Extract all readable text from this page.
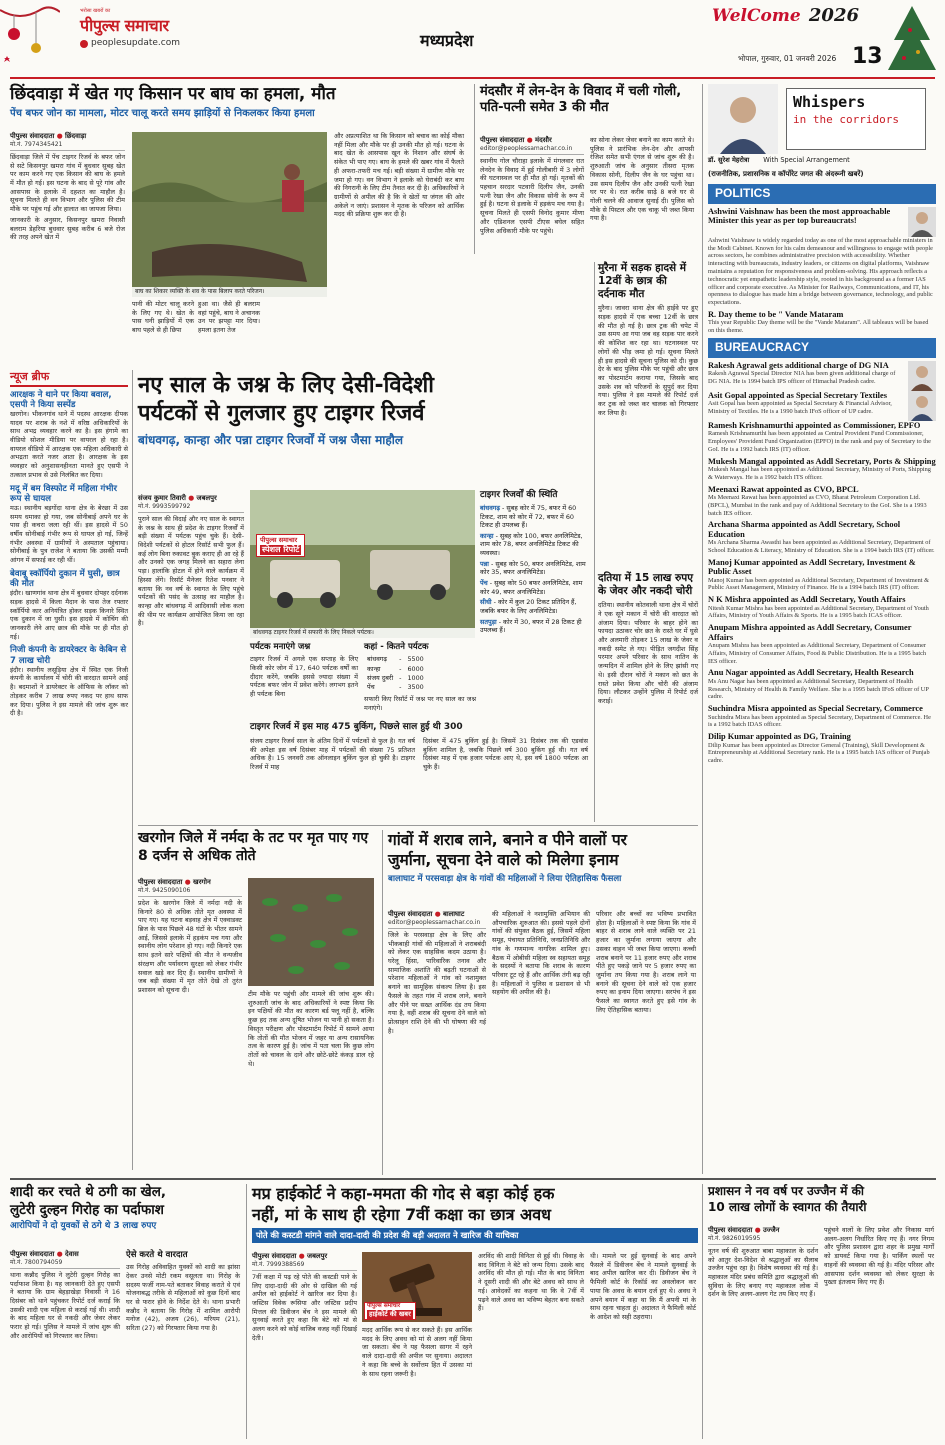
भरोसा खबरों का
पीपुल्स समाचार
peoplesupdate.com	मध्यप्रदेश
WelCome 2026
भोपाल, गुरुवार, 01 जनवरी 2026 13
छिंदवाड़ा में खेत गए किसान पर बाघ का हमला, मौत
पेंच बफर जोन का मामला, मोटर चालू करते समय झाड़ियों से निकलकर किया हमला
पीपुल्स संवाददाता ● छिंदवाड़ा
मो.नं. 7974345421

छिंदवाड़ा जिले में पेंच टाइगर रिजर्व के बफर जोन से सटे किसनपुर खमरा गांव में बुधवार सुबह खेत पर काम करने गए एक किसान की बाघ के हमले में मौत हो गई। इस घटना के बाद से पूरे गांव और आसपास के इलाके में दहशत का माहौल है। सूचना मिलते ही वन विभाग और पुलिस की टीम मौके पर पहुंच गई और हालात का जायजा लिया।

जानकारी के अनुसार, किसनपुर खमरा निवासी बलराम डेहरिया बुधवार सुबह करीब 6 बजे रोज की तरह अपने खेत में

बाघ का शिकार व्यक्ति के शव के पास बिलाप करते परिजन।

पानी की मोटर चालू करने के लिए गए थे। खेत के पास घनी झाड़ियों में एक बाघ पहले से ही छिपा

हुआ था। जैसे ही बलराम वहां पहुंचे, बाघ ने अचानक उन पर झपट्टा मार दिया। हमला इतना तेज

और अप्रत्याशित था कि किसान को बचाव का कोई मौका नहीं मिला और मौके पर ही उनकी मौत हो गई। घटना के बाद खेत के आसपास खून के निशान और संघर्ष के संकेत भी पाए गए। बाघ के हमले की खबर गांव में फैलते ही अफरा-तफरी मच गई। बड़ी संख्या में ग्रामीण मौके पर जमा हो गए। वन विभाग ने इलाके को घेराबंदी कर बाघ की निगरानी के लिए टीम तैनात कर दी है। अधिकारियों ने ग्रामीणों से अपील की है कि वे खेतों या जंगल की ओर अकेले न जाएं। प्रशासन ने मृतक के परिजन को आर्थिक मदद की प्रक्रिया शुरू कर दी है।

मंदसौर में लेन-देन के विवाद में चली गोली, पति-पत्नी समेत 3 की मौत
पीपुल्स संवाददाता ● मंदसौर
editor@peoplessamachar.co.in

स्थानीय गोल चौराहा इलाके में मंगलवार रात लेनदेन के विवाद में हुई गोलीबारी में 3 लोगों की घटनास्थल पर ही मौत हो गई। मृतकों की पहचान सरदार पटवारी दिलीप जैन, उनकी पत्नी रेखा जैन और विकास सोनी के रूप में हुई है। घटना से इलाके में हड़कंप मच गया है। सूचना मिलते ही एसपी विनोद कुमार मीणा और एडिशनल एसपी टीएस बघेल सहित पुलिस अधिकारी मौके पर पहुंचे।

का सोना लेकर जेवर बनाने का काम करते थे। पुलिस ने प्रारंभिक लेन-देन और आपसी रंजिश समेत सभी एंगल से जांच शुरू की है। शुरुआती जांच के अनुसार तीसरा मृतक विकास सोनी, दिलीप जैन के घर पहुंचा था। उस समय दिलीप जैन और उनकी पत्नी रेखा घर पर थे। रात करीब साढ़े 8 बजे घर से गोली चलने की आवाज सुनाई दी। पुलिस को मौके से पिस्टल और एक चाकू भी जब्त किया गया है।

न्यूज ब्रीफ
आरक्षक ने थाने पर किया बवाल, एसपी ने किया सस्पेंड

खरगोन। भीकनगांव थाने में पदस्थ आरक्षक दीपक यादव पर शराब के नशे में वरिष्ठ अधिकारियों के साथ अभद्र व्यवहार करने का है। इस हंगामे का वीडियो सोशल मीडिया पर वायरल हो रहा है। वायरल वीडियो में आरक्षक एक महिला अधिकारी से अभद्रता करते नजर आता है। आरक्षक के इस व्यवहार को अनुशासनहीनता मानते हुए एसपी ने तत्काल प्रभाव से उसे निलंबित कर दिया।

मदू में बम विस्फोट में महिला गंभीर रूप से घायल

मऊ। स्थानीय बड़गोंदा थाना क्षेत्र के बेरछा में उस समय धमाका हो गया, जब सोनीबाई अपने घर के पास ही कचरा जला रही थीं। इस हादसे में 50 वर्षीय सोनीबाई गंभीर रूप से घायल हो गई, जिन्हें गंभीर अवस्था में ग्रामीणों ने अस्पताल पहुंचाया। सोनीबाई के पुत्र राजेश ने बताया कि उसकी मम्मी आंगन में सफाई कर रही थीं।

बेवाबू स्कॉर्पियो दुकान में घुसी, छात्र की मौत

इंदौर। खाणगांव थाना क्षेत्र में बुधवार दोपहर दर्दनाक सड़क हादसे में किला मैदान के पास तेज रफ्तार स्कॉर्पियो कार अनियंत्रित होकर सड़क किनारे स्थित एक दुकान में जा घुसी। इस हादसे में कोचिंग की जानकारी लेने आए छात्र की मौके पर ही मौत हो गई।

निजी कंपनी के डायरेक्टर के केबिन से 7 लाख चोरी

इंदौर। स्थानीय लसूड़िया क्षेत्र में स्थित एक निजी कंपनी के कार्यालय में चोरी की वारदात सामने आई है। बदमाशों ने डायरेक्टर के ऑफिस के लॉकर को तोड़कर करीब 7 लाख रुपए नकद पर हाथ साफ कर दिया। पुलिस ने इस मामले की जांच शुरू कर दी है।

नए साल के जश्न के लिए देसी-विदेशी
पर्यटकों से गुलजार हुए टाइगर रिजर्व
बांधवगढ़, कान्हा और पन्ना टाइगर रिजर्वों में जश्न जैसा माहौल
संजय कुमार तिवारी ● जबलपुर
मो.नं. 9993599792

पुराने साल की विदाई और नए साल के स्वागत के जश्न के साथ ही प्रदेश के टाइगर रिजर्वों में बड़ी संख्या में पर्यटक पहुंच चुके हैं। देसी-विदेशी पर्यटकों से होटल रिसॉर्ट सभी फुल हैं। कई लोग बिना रुकावट बुक कराए ही आ रहे हैं और उनको एक जगह मिलने का सहारा लेना पड़ा। हालांकि होटल में होने वाले कार्यक्रम में हिस्सा लेंगे। रिसॉर्ट मैनेजर रितेश पनवार ने बताया कि नव वर्ष के स्वागत के लिए पहुंचे पर्यटकों की पसंद के उत्साह का माहौल है। कान्हा और बांधवगढ़ में आदिवासी लोक कला की थीम पर कार्यक्रम आयोजित किया जा रहा है।

पीपुल्स समाचार
स्पेशल रिपोर्ट
बांधवगढ़ टाइगर रिजर्व में सफारी के लिए निकले पर्यटक।
टाइगर रिजर्वों की स्थिति
बांधवगढ़ - सुबह कोर में 75, बफर में 60 टिकट, शाम को कोर में 72, बफर में 60 टिकट ही उपलब्ध हैं।
कान्हा - सुबह कोर 100, बफर अनलिमिटेड, शाम कोर 78, बफर अनलिमिटेड टिकट की व्यवस्था।
पन्ना - सुबह कोर 50, बफर अनलिमिटेड, शाम कोर 35, बफर अनलिमिटेड।
पेंच - सुबह कोर 50 बफर अनलिमिटेड, शाम कोर 49, बफर अनलिमिटेड।
सीधी - कोर में कुल 20 टिकट प्रतिदिन हैं, जबकि बफर के लिए अनलिमिटेड।
सतपुड़ा - कोर में 30, बफर में 28 टिकट ही उपलब्ध हैं।
पर्यटक मनाएंगे जश्न

टाइगर रिजर्व में अगले एक सप्ताह के लिए किसी कोर जोन में 17, 640 पर्यटक वर्षों का दीदार करेंगे, जबकि इससे ज्यादा संख्या में पर्यटक बफर जोन में प्रवेश करेंगे। लगभग इतने ही पर्यटक बिना

कहां - कितने पर्यटक
बांधवगढ़	-	5500
कान्हा	-	6000
संजय दुबरी	-	1000
पेंच	-	3500

सफारी किए रिसॉर्ट में जश्न पर नए साल का जश्न मनाएंगे।

टाइगर रिजर्व में इस माह 475 बुकिंग, पिछले साल हुई थी 300

संजय टाइगर रिजर्व साल के अंतिम दिनों में पर्यटकों से फुल है। गत वर्ष की अपेक्षा इस वर्ष दिसंबर माह में पर्यटकों की संख्या 75 प्रतिशत अधिक है। 15 जनवरी तक ऑनलाइन बुकिंग फुल हो चुकी है। टाइगर रिजर्व में माह

दिसंबर में 475 बुकिंग हुई है। जिसमें 31 दिसंबर तक की एडवांस बुकिंग शामिल है, जबकि पिछले वर्ष 300 बुकिंग हुई थी। गत वर्ष दिसंबर माह में एक हजार पर्यटक आए थे, इस वर्ष 1800 पर्यटक आ चुके हैं।

मुरैना में सड़क हादसे में 12वीं के छात्र की दर्दनाक मौत

मुरैना। जावरा थाना क्षेत्र की हाईवे पर हुए सड़क हादसे में एक बच्चा 12वीं के छात्र की मौत हो गई है। छात्र ट्रक की चपेट में उस समय आ गया जब वह सड़क पार करने की कोशिश कर रहा था। घटनास्थल पर लोगों की भीड़ जमा हो गई। सूचना मिलते ही इस हादसे की सूचना पुलिस को दी। कुछ देर के बाद पुलिस मौके पर पहुंची और छात्र का पोस्टमार्टम कराया गया, जिसके बाद उसके शव को परिजनों के सुपुर्द कर दिया गया। पुलिस ने इस मामले की रिपोर्ट दर्ज कर ट्रक को जब्त कर चालक को गिरफ्तार कर लिया है।

दतिया में 15 लाख रुपए के जेवर और नकदी चोरी

दतिया। स्थानीय कोतवाली थाना क्षेत्र में चोरों ने एक सूने मकान में चोरी की वारदात को अंजाम दिया। परिवार के बाहर होने का फायदा उठाकर चोर छत के रास्ते घर में घुसे और अलमारी तोड़कर 15 लाख के जेवर व नकदी समेट ले गए। पीड़ित जगदीश सिंह परमार अपने परिवार के साथ नातिन के जन्मदिन में शामिल होने के लिए झांसी गए थे। इसी दौरान चोरों ने मकान को छत के रास्ते प्रवेश किया और चोरी की अंजाम दिया। लौटकर उन्होंने पुलिस में रिपोर्ट दर्ज कराई।

खरगोन जिले में नर्मदा के तट पर मृत पाए गए 8 दर्जन से अधिक तोते
पीपुल्स संवाददाता ● खरगोन
मो.नं. 9425090106

प्रदेश के खरगोन जिले में नर्मदा नदी के किनारे 80 से अधिक तोते मृत अवस्था में पाए गए। यह घटना बड़वाह क्षेत्र में एक्वाडक्ट ब्रिज के पास पिछले 48 घंटों के भीतर सामने आई, जिससे इलाके में हड़कंप मच गया और स्थानीय लोग परेशान हो गए। नदी किनारे एक साथ इतने सारे पक्षियों की मौत ने वन्यजीव संरक्षण और पर्यावरण सुरक्षा को लेकर गंभीर सवाल खड़े कर दिए हैं। स्थानीय ग्रामीणों ने जब बड़ी संख्या में मृत तोते देखे तो तुरंत प्रशासन को सूचना दी।

टीम मौके पर पहुंची और मामले की जांच शुरू की। शुरुआती जांच के बाद अधिकारियों ने स्पष्ट किया कि इन पक्षियों की मौत का कारण बर्ड फ्लू नहीं है, बल्कि कुछ हद तक अन्य दूषित भोजन या पानी हो सकता है। विस्तृत परीक्षण और पोस्टमार्टम रिपोर्ट में सामने आया कि तोतों की मौत भोजन में जहर या अन्य रासायनिक तत्व के कारण हुई है। जांच में पता चला कि कुछ लोग तोतों को चावल के दाने और छोटे-छोटे कंकड़ डाल रहे थे।

गांवों में शराब लाने, बनाने व पीने वालों पर
जुर्माना, सूचना देने वाले को मिलेगा इनाम
बालाघाट में परसवाड़ा क्षेत्र के गांवों की महिलाओं ने लिया ऐतिहासिक फैसला
पीपुल्स संवाददाता ● बालाघाट
editor@peoplessamachar.co.in

जिले के परसवाड़ा क्षेत्र के लिए और भीकबाही गांवों की महिलाओं ने शराबबंदी को लेकर एक साहसिक कदम उठाया है। घरेलू हिंसा, पारिवारिक तनाव और सामाजिक अशांति की बढ़ती घटनाओं से परेशान महिलाओं ने गांव को नशामुक्त बनाने का सामूहिक संकल्प लिया है। इस फैसले के तहत गांव में शराब लाने, बनाने और पीने पर सख्त आर्थिक दंड तय किया गया है, वहीं शराब की सूचना देने वाले को प्रोत्साहन राशि देने की भी घोषणा की गई है।

की महिलाओं ने नशामुक्ति अभियान की औपचारिक शुरुआत की। इससे पहले दोनों गांवों की संयुक्त बैठक हुई, जिसमें महिला समूह, पंचायत प्रतिनिधि, जनप्रतिनिधि और गांव के गणमान्य नागरिक शामिल हुए। बैठक में ओबीसी महिला स्व सहायता समूह के सदस्यों ने बताया कि शराब के कारण परिवार टूट रहे हैं और आर्थिक तंगी बढ़ रही है। महिलाओं ने पुलिस व प्रशासन से भी सहयोग की अपील की है।

परिवार और बच्चों का भविष्य प्रभावित होता है। महिलाओं ने स्पष्ट किया कि गांव में बाहर से शराब लाने वाले व्यक्ति पर 21 हजार का जुर्माना लगाया जाएगा और उसका वाहन भी जब्त किया जाएगा। कच्ची शराब बनाने पर 11 हजार रुपए और शराब पीते हुए पकड़े जाने पर 5 हजार रुपए का जुर्माना तय किया गया है। शराब लाने या बनाने की सूचना देने वाले को एक हजार रुपए का इनाम दिया जाएगा। सरपंच ने इस फैसले का स्वागत करते हुए इसे गांव के लिए ऐतिहासिक बताया।

Whispers
in the corridors
डॉ. सुरेश मेहरोत्रा With Special Arrangement
(राजनीतिक, प्रशासनिक व कॉर्पोरेट जगत की अंदरूनी खबरें)
POLITICS
Ashwini Vaishnaw has been the most approachable Minister this year as per top bureaucrats!

Ashwini Vaishnaw is widely regarded today as one of the most approachable ministers in the Modi Cabinet. Known for his calm demeanour and willingness to engage with people across sectors, he combines administrative precision with accessibility. Whether interacting with bureaucrats, industry leaders, or citizens on digital platforms, Vaishnaw maintains a reputation for responsiveness and problem-solving. His approach reflects a technocratic yet empathetic leadership style, rooted in his background as a former IAS officer and corporate executive. As Minister for Railways, Communications, and IT, his openness to dialogue has made him a bridge between governance, technology, and public expectations.

R. Day theme to be " Vande Mataram

This year Republic Day theme will be the "Vande Mataram". All tableaux will be based on this theme.

BUREAUCRACY
Rakesh Agrawal gets additional charge of DG NIA

Rakesh Agrawal Special Director NIA has been given additional charge of DG NIA. He is 1994 batch IPS officer of Himachal Pradesh cadre.

Asit Gopal appointed as Special Secretary Textiles

Asit Gopal has been appointed as Special Secretary & Financial Advisor, Ministry of Textiles. He is a 1990 batch IFoS officer of UP cadre.

Ramesh Krishnamurthi appointed as Commissioner, EPFO

Ramesh Krishnamurthi has been appointed as Central Provident Fund Commissioner, Employees' Provident Fund Organization (EPFO) in the rank and pay of Secretary to the GoI. He is a 1992 batch IRS (IT) officer.

Mukesh Mangal appointed as Addl Secretary, Ports & Shipping

Mukesh Mangal has been appointed as Additional Secretary, Ministry of Ports, Shipping & Waterways. He is a 1992 batch ITS officer.

Meenaxi Rawat appointed as CVO, BPCL

Ms Meenaxi Rawat has been appointed as CVO, Bharat Petroleum Corporation Ltd. (BPCL), Mumbai in the rank and pay of Additional Secretary to the GoI. She is a 1993 batch IES officer.

Archana Sharma appointed as Addl Secretary, School Education

Ms Archana Sharma Awasthi has been appointed as Additional Secretary, Department of School Education & Literacy, Ministry of Education. She is a 1994 batch IRS (IT) officer.

Manoj Kumar appointed as Addl Secretary, Investment & Public Asset

Manoj Kumar has been appointed as Additional Secretary, Department of Investment & Public Asset Management, Ministry of Finance. He is a 1994 batch IRS (IT) officer.

N K Mishra appointed as Addl Secretary, Youth Affairs

Nitesh Kumar Mishra has been appointed as Additional Secretary, Department of Youth Affairs, Ministry of Youth Affairs & Sports. He is a 1995 batch ICAS officer.

Anupam Mishra appointed as Addl Secretary, Consumer Affairs

Anupam Mishra has been appointed as Additional Secretary, Department of Consumer Affairs, Ministry of Consumer Affairs, Food & Public Distribution. He is a 1995 batch IES officer.

Anu Nagar appointed as Addl Secretary, Health Research

Ms Anu Nagar has been appointed as Additional Secretary, Department of Health Research, Ministry of Health & Family Welfare. She is a 1995 batch IFoS officer of UP cadre.

Suchindra Misra appointed as Special Secretary, Commerce

Suchindra Misra has been appointed as Special Secretary, Department of Commerce. He is a 1992 batch IDAS officer.

Dilip Kumar appointed as DG, Training

Dilip Kumar has been appointed as Director General (Training), Skill Development & Entrepreneurship at Additional Secretary rank. He is a 1995 batch IAS officer of Punjab cadre.

शादी कर रचते थे ठगी का खेल,
लुटेरी दुल्हन गिरोह का पर्दाफाश
आरोपियों ने दो युवकों से ठगे थे 3 लाख रुपए
पीपुल्स संवाददाता ● देवास
मो.नं. 7800794059

थाना कन्नौद पुलिस ने लुटेरी दुल्हन गिरोह का पर्दाफाश किया है। यह जानकारी देते हुए एसपी ने बताया कि ग्राम बेहड़ाखेड़ा निवासी ने 16 दिसंबर को थाने पहुंचकर रिपोर्ट दर्ज कराई कि उसकी शादी एक महिला से कराई गई थी। शादी के बाद महिला घर से नकदी और जेवर लेकर फरार हो गई। पुलिस ने मामले में जांच शुरू की और आरोपियों को गिरफ्तार कर लिया।

ऐसे करते थे वारदात

उस गिरोह अविवाहित युवकों को शादी का झांसा देकर उनसे मोटी रकम वसूलता था। गिरोह के सदस्य फर्जी नाम-पते बताकर विवाह कराते थे एवं योजनाबद्ध तरीके से महिलाओं को कुछ दिनों बाद घर से फरार होने के निर्देश देते थे। थाना प्रभारी कन्नौद ने बताया कि गिरोह में शामिल आरोपी मनोज (42), अजय (26), मरियम (21), सरिता (27) को गिरफ्तार किया गया है।

मप्र हाईकोर्ट ने कहा-ममता की गोद से बड़ा कोई हक
नहीं, मां के साथ ही रहेगा 7वीं कक्षा का छात्र अवध
पोते की कस्टडी मांगने वाले दादा-दादी की प्रदेश की बड़ी अदालत ने खारिज की याचिका
पीपुल्स संवाददाता ● जबलपुर
मो.नं. 7999388569

7वीं कक्षा में पढ़ रहे पोते की कस्टडी पाने के लिए दादा-दादी की ओर से दाखिल की गई अपील को हाईकोर्ट ने खारिज कर दिया है। जस्टिस विवेक रूसिया और जस्टिस प्रदीप मित्तल की डिवीजन बेंच ने इस मामले की सुनवाई करते हुए कहा कि बेटे को मां से अलग करने को कोई वाजिब वजह नहीं दिखाई देती।

पीपुल्स समाचार
हाईकोर्ट की खबर

मदद आर्थिक रूप से कर सकते हैं। इस आर्थिक मदद के लिए अवध को मां से अलग नहीं किया जा सकता। बेंच ने यह फैसला सागर में रहने वाले दादा-दादी की अपील पर सुनाया। अदालत ने कहा कि बच्चे के सर्वोत्तम हित में उसका मां के साथ रहना जरूरी है।

अरविंद की शादी विनिता से हुई थी। विवाह के बाद विनिता ने बेटे को जन्म दिया। उसके बाद अरविंद की मौत हो गई। मौत के बाद विनिता ने दूसरी शादी की और बेटे अवध को साथ ले गई। आवेदकों का कहना था कि वे 7वीं में पढ़ने वाले अवध का भविष्य बेहतर बना सकते हैं।

थी। मामले पर हुई सुनवाई के बाद अपने फैसले में डिवीजन बेंच ने मामले सुनवाई के बाद अपील खारिज कर दी। डिवीजन बेंच ने फैमिली कोर्ट के रिकॉर्ड का अवलोकन कर पाया कि अवध के बयान दर्ज हुए थे। अवध ने अपने बयान में कहा था कि मैं अपनी मां के साथ रहना चाहता हूं। अदालत ने फैमिली कोर्ट के आदेश को सही ठहराया।

प्रशासन ने नव वर्ष पर उज्जैन में की
10 लाख लोगों के स्वागत की तैयारी
पीपुल्स संवाददाता ● उज्जैन
मो.नं. 9826019595

नूतन वर्ष की शुरुआत बाबा महाकाल के दर्शन को आतुर देश-विदेश से श्रद्धालुओं का सैलाब उज्जैन पहुंच रहा है। विशेष व्यवस्था की गई है। महाकाल मंदिर प्रबंध समिति द्वारा श्रद्धालुओं की सुविधा के लिए बनाए गए महाकाल लोक में दर्शन के लिए अलग-अलग गेट तय किए गए हैं।

पहुंचने वालों के लिए प्रवेश और निकास मार्ग अलग-अलग निर्धारित किए गए हैं। नगर निगम और पुलिस प्रशासन द्वारा शहर के प्रमुख मार्गों को डायवर्ट किया गया है। पार्किंग स्थलों पर वाहनों की व्यवस्था की गई है। मंदिर परिसर और आसपास दर्शन व्यवस्था को लेकर सुरक्षा के पुख्ता इंतजाम किए गए हैं।
